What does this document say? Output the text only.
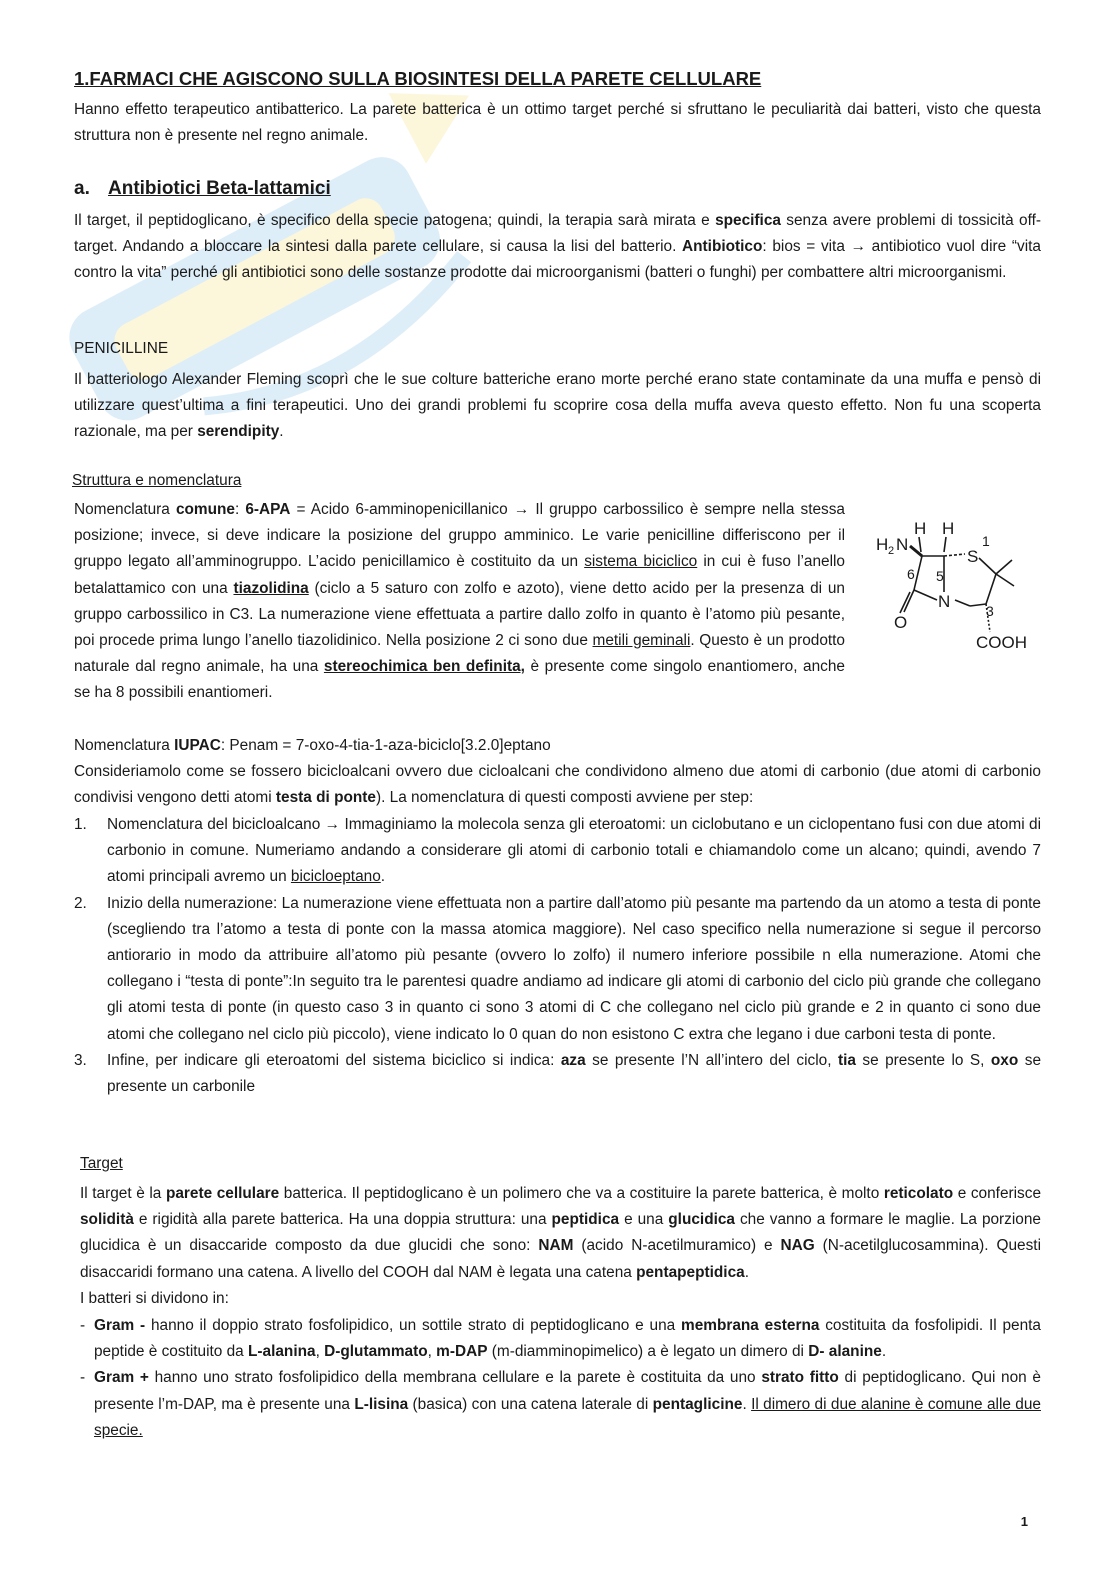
1.FARMACI CHE AGISCONO SULLA BIOSINTESI DELLA PARETE CELLULARE

Hanno effetto terapeutico antibatterico. La parete batterica è un ottimo target perché si sfruttano le peculiarità dai batteri, visto che questa struttura non è presente nel regno animale.

a. Antibiotici Beta-lattamici

Il target, il peptidoglicano, è specifico della specie patogena; quindi, la terapia sarà mirata e specifica senza avere problemi di tossicità off-target. Andando a bloccare la sintesi dalla parete cellulare, si causa la lisi del batterio. Antibiotico: bios = vita → antibiotico vuol dire “vita contro la vita” perché gli antibiotici sono delle sostanze prodotte dai microorganismi (batteri o funghi) per combattere altri microorganismi.

PENICILLINE

Il batteriologo Alexander Fleming scoprì che le sue colture batteriche erano morte perché erano state contaminate da una muffa e pensò di utilizzare quest’ultima a fini terapeutici. Uno dei grandi problemi fu scoprire cosa della muffa aveva questo effetto. Non fu una scoperta razionale, ma per serendipity.

Struttura e nomenclatura

Nomenclatura comune: 6-APA = Acido 6-amminopenicillanico → Il gruppo carbossilico è sempre nella stessa posizione; invece, si deve indicare la posizione del gruppo amminico. Le varie penicilline differiscono per il gruppo legato all’amminogruppo. L’acido penicillamico è costituito da un sistema biciclico in cui è fuso l’anello betalattamico con una tiazolidina (ciclo a 5 saturo con zolfo e azoto), viene detto acido per la presenza di un gruppo carbossilico in C3. La numerazione viene effettuata a partire dallo zolfo in quanto è l’atomo più pesante, poi procede prima lungo l’anello tiazolidinico. Nella posizione 2 ci sono due metili geminali. Questo è un prodotto naturale dal regno animale, ha una stereochimica ben definita, è presente come singolo enantiomero, anche se ha 8 possibili enantiomeri.

H 2 N
H H
S
1
6 5
N	3
O
COOH

Nomenclatura IUPAC: Penam = 7-oxo-4-tia-1-aza-biciclo[3.2.0]eptano

Consideriamolo come se fossero bicicloalcani ovvero due cicloalcani che condividono almeno due atomi di carbonio (due atomi di carbonio condivisi vengono detti atomi testa di ponte). La nomenclatura di questi composti avviene per step:

1. Nomenclatura del bicicloalcano → Immaginiamo la molecola senza gli eteroatomi: un ciclobutano e un ciclopentano fusi con due atomi di carbonio in comune. Numeriamo andando a considerare gli atomi di carbonio totali e chiamandolo come un alcano; quindi, avendo 7 atomi principali avremo un bicicloeptano.
2. Inizio della numerazione: La numerazione viene effettuata non a partire dall’atomo più pesante ma partendo da un atomo a testa di ponte (scegliendo tra l’atomo a testa di ponte con la massa atomica maggiore). Nel caso specifico nella numerazione si segue il percorso antiorario in modo da attribuire all’atomo più pesante (ovvero lo zolfo) il numero inferiore possibile n ella numerazione. Atomi che collegano i “testa di ponte”:In seguito tra le parentesi quadre andiamo ad indicare gli atomi di carbonio del ciclo più grande che collegano gli atomi testa di ponte (in questo caso 3 in quanto ci sono 3 atomi di C che collegano nel ciclo più grande e 2 in quanto ci sono due atomi che collegano nel ciclo più piccolo), viene indicato lo 0 quan do non esistono C extra che legano i due carboni testa di ponte.
3. Infine, per indicare gli eteroatomi del sistema biciclico si indica: aza se presente l’N all’intero del ciclo, tia se presente lo S, oxo se presente un carbonile

Target

Il target è la parete cellulare batterica. Il peptidoglicano è un polimero che va a costituire la parete batterica, è molto reticolato e conferisce solidità e rigidità alla parete batterica. Ha una doppia struttura: una peptidica e una glucidica che vanno a formare le maglie. La porzione glucidica è un disaccaride composto da due glucidi che sono: NAM (acido N-acetilmuramico) e NAG (N-acetilglucosammina). Questi disaccaridi formano una catena. A livello del COOH dal NAM è legata una catena pentapeptidica.
I batteri si dividono in:

- Gram - hanno il doppio strato fosfolipidico, un sottile strato di peptidoglicano e una membrana esterna costituita da fosfolipidi. Il penta peptide è costituito da L-alanina, D-glutammato, m-DAP (m-diamminopimelico) a è legato un dimero di D- alanine.
- Gram + hanno uno strato fosfolipidico della membrana cellulare e la parete è costituita da uno strato fitto di peptidoglicano. Qui non è presente l’m-DAP, ma è presente una L-lisina (basica) con una catena laterale di pentaglicine. Il dimero di due alanine è comune alle due specie.
1
